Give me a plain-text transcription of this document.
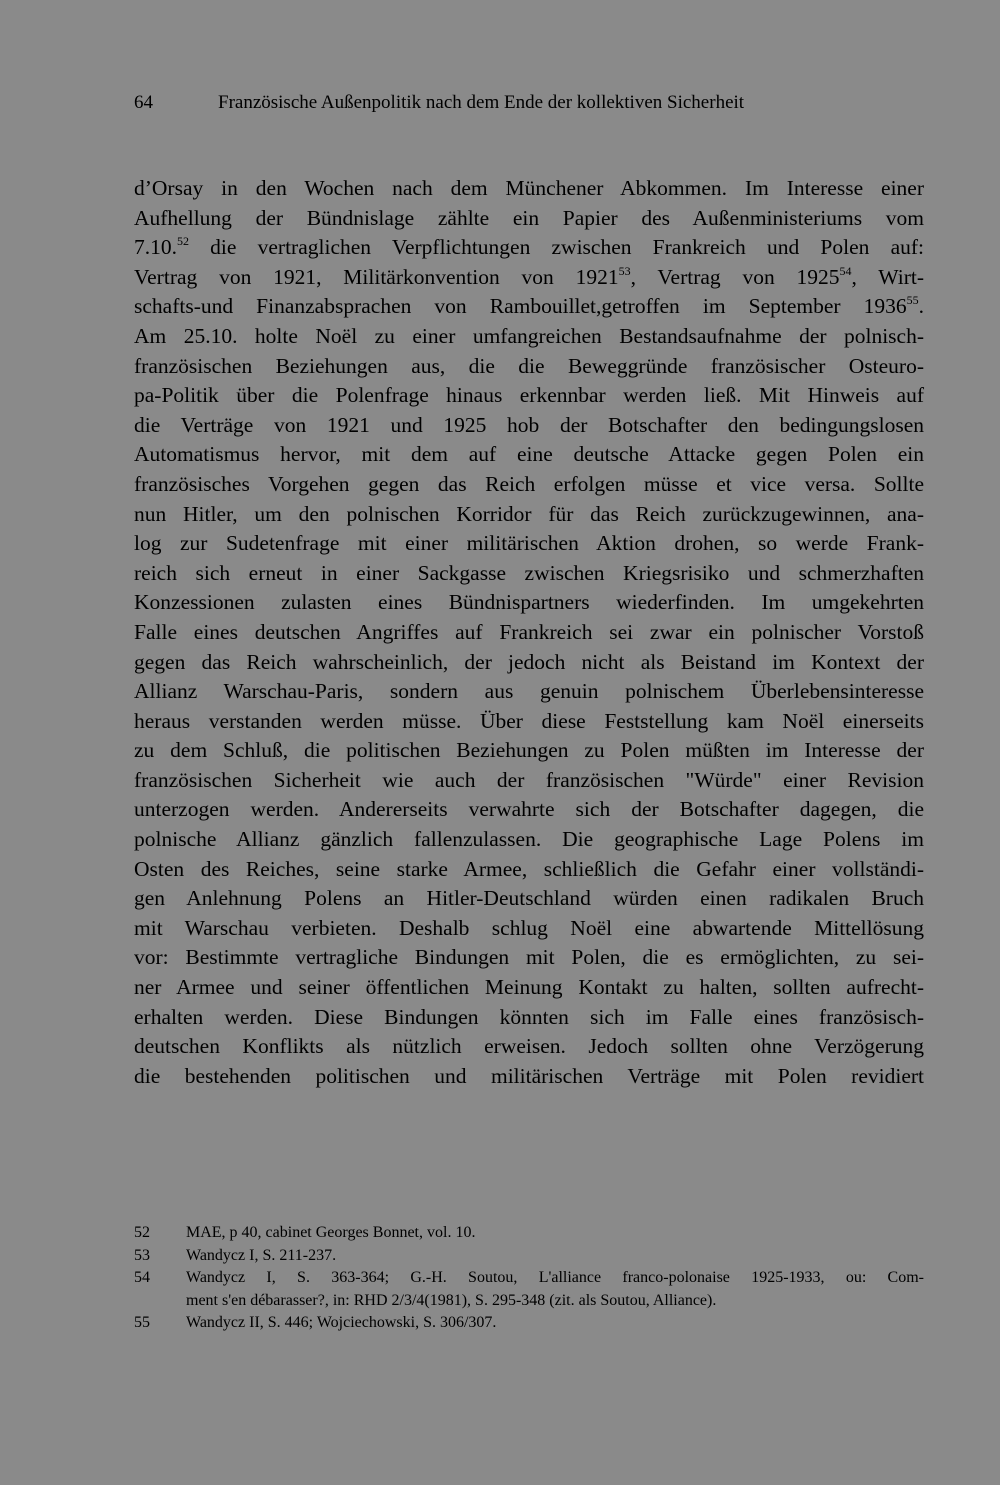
64	Französische Außenpolitik nach dem Ende der kollektiven Sicherheit
d’Orsay in den Wochen nach dem Münchener Abkommen. Im Interesse einer
Aufhellung der Bündnislage zählte ein Papier des Außenministeriums vom
7.10.52 die vertraglichen Verpflichtungen zwischen Frankreich und Polen auf:
Vertrag von 1921, Militärkonvention von 1921$^{53}$, Vertrag von 1925$^{54}$, Wirt-
schafts-und Finanzabsprachen von Rambouillet,getroffen im September 1936$^{55}$.
Am 25.10. holte Noël zu einer umfangreichen Bestandsaufnahme der polnisch-
französischen Beziehungen aus, die die Beweggründe französischer Osteuro-
pa-Politik über die Polenfrage hinaus erkennbar werden ließ. Mit Hinweis auf
die Verträge von 1921 und 1925 hob der Botschafter den bedingungslosen
Automatismus hervor, mit dem auf eine deutsche Attacke gegen Polen ein
französisches Vorgehen gegen das Reich erfolgen müsse et vice versa. Sollte
nun Hitler, um den polnischen Korridor für das Reich zurückzugewinnen, ana-
log zur Sudetenfrage mit einer militärischen Aktion drohen, so werde Frank-
reich sich erneut in einer Sackgasse zwischen Kriegsrisiko und schmerzhaften
Konzessionen zulasten eines Bündnispartners wiederfinden. Im umgekehrten
Falle eines deutschen Angriffes auf Frankreich sei zwar ein polnischer Vorstoß
gegen das Reich wahrscheinlich, der jedoch nicht als Beistand im Kontext der
Allianz Warschau-Paris, sondern aus genuin polnischem Überlebensinteresse
heraus verstanden werden müsse. Über diese Feststellung kam Noël einerseits
zu dem Schluß, die politischen Beziehungen zu Polen müßten im Interesse der
französischen Sicherheit wie auch der französischen "Würde" einer Revision
unterzogen werden. Andererseits verwahrte sich der Botschafter dagegen, die
polnische Allianz gänzlich fallenzulassen. Die geographische Lage Polens im
Osten des Reiches, seine starke Armee, schließlich die Gefahr einer vollständi-
gen Anlehnung Polens an Hitler-Deutschland würden einen radikalen Bruch
mit Warschau verbieten. Deshalb schlug Noël eine abwartende Mittellösung
vor: Bestimmte vertragliche Bindungen mit Polen, die es ermöglichten, zu sei-
ner Armee und seiner öffentlichen Meinung Kontakt zu halten, sollten aufrecht-
erhalten werden. Diese Bindungen könnten sich im Falle eines französisch-
deutschen Konflikts als nützlich erweisen. Jedoch sollten ohne Verzögerung
die bestehenden politischen und militärischen Verträge mit Polen revidiert
52	MAE, p 40, cabinet Georges Bonnet, vol. 10.
53	Wandycz I, S. 211-237.
54	Wandycz I, S. 363-364; G.-H. Soutou, L'alliance franco-polonaise 1925-1933, ou: Com-
ment s'en débarasser?, in: RHD 2/3/4(1981), S. 295-348 (zit. als Soutou, Alliance).
55	Wandycz II, S. 446; Wojciechowski, S. 306/307.
